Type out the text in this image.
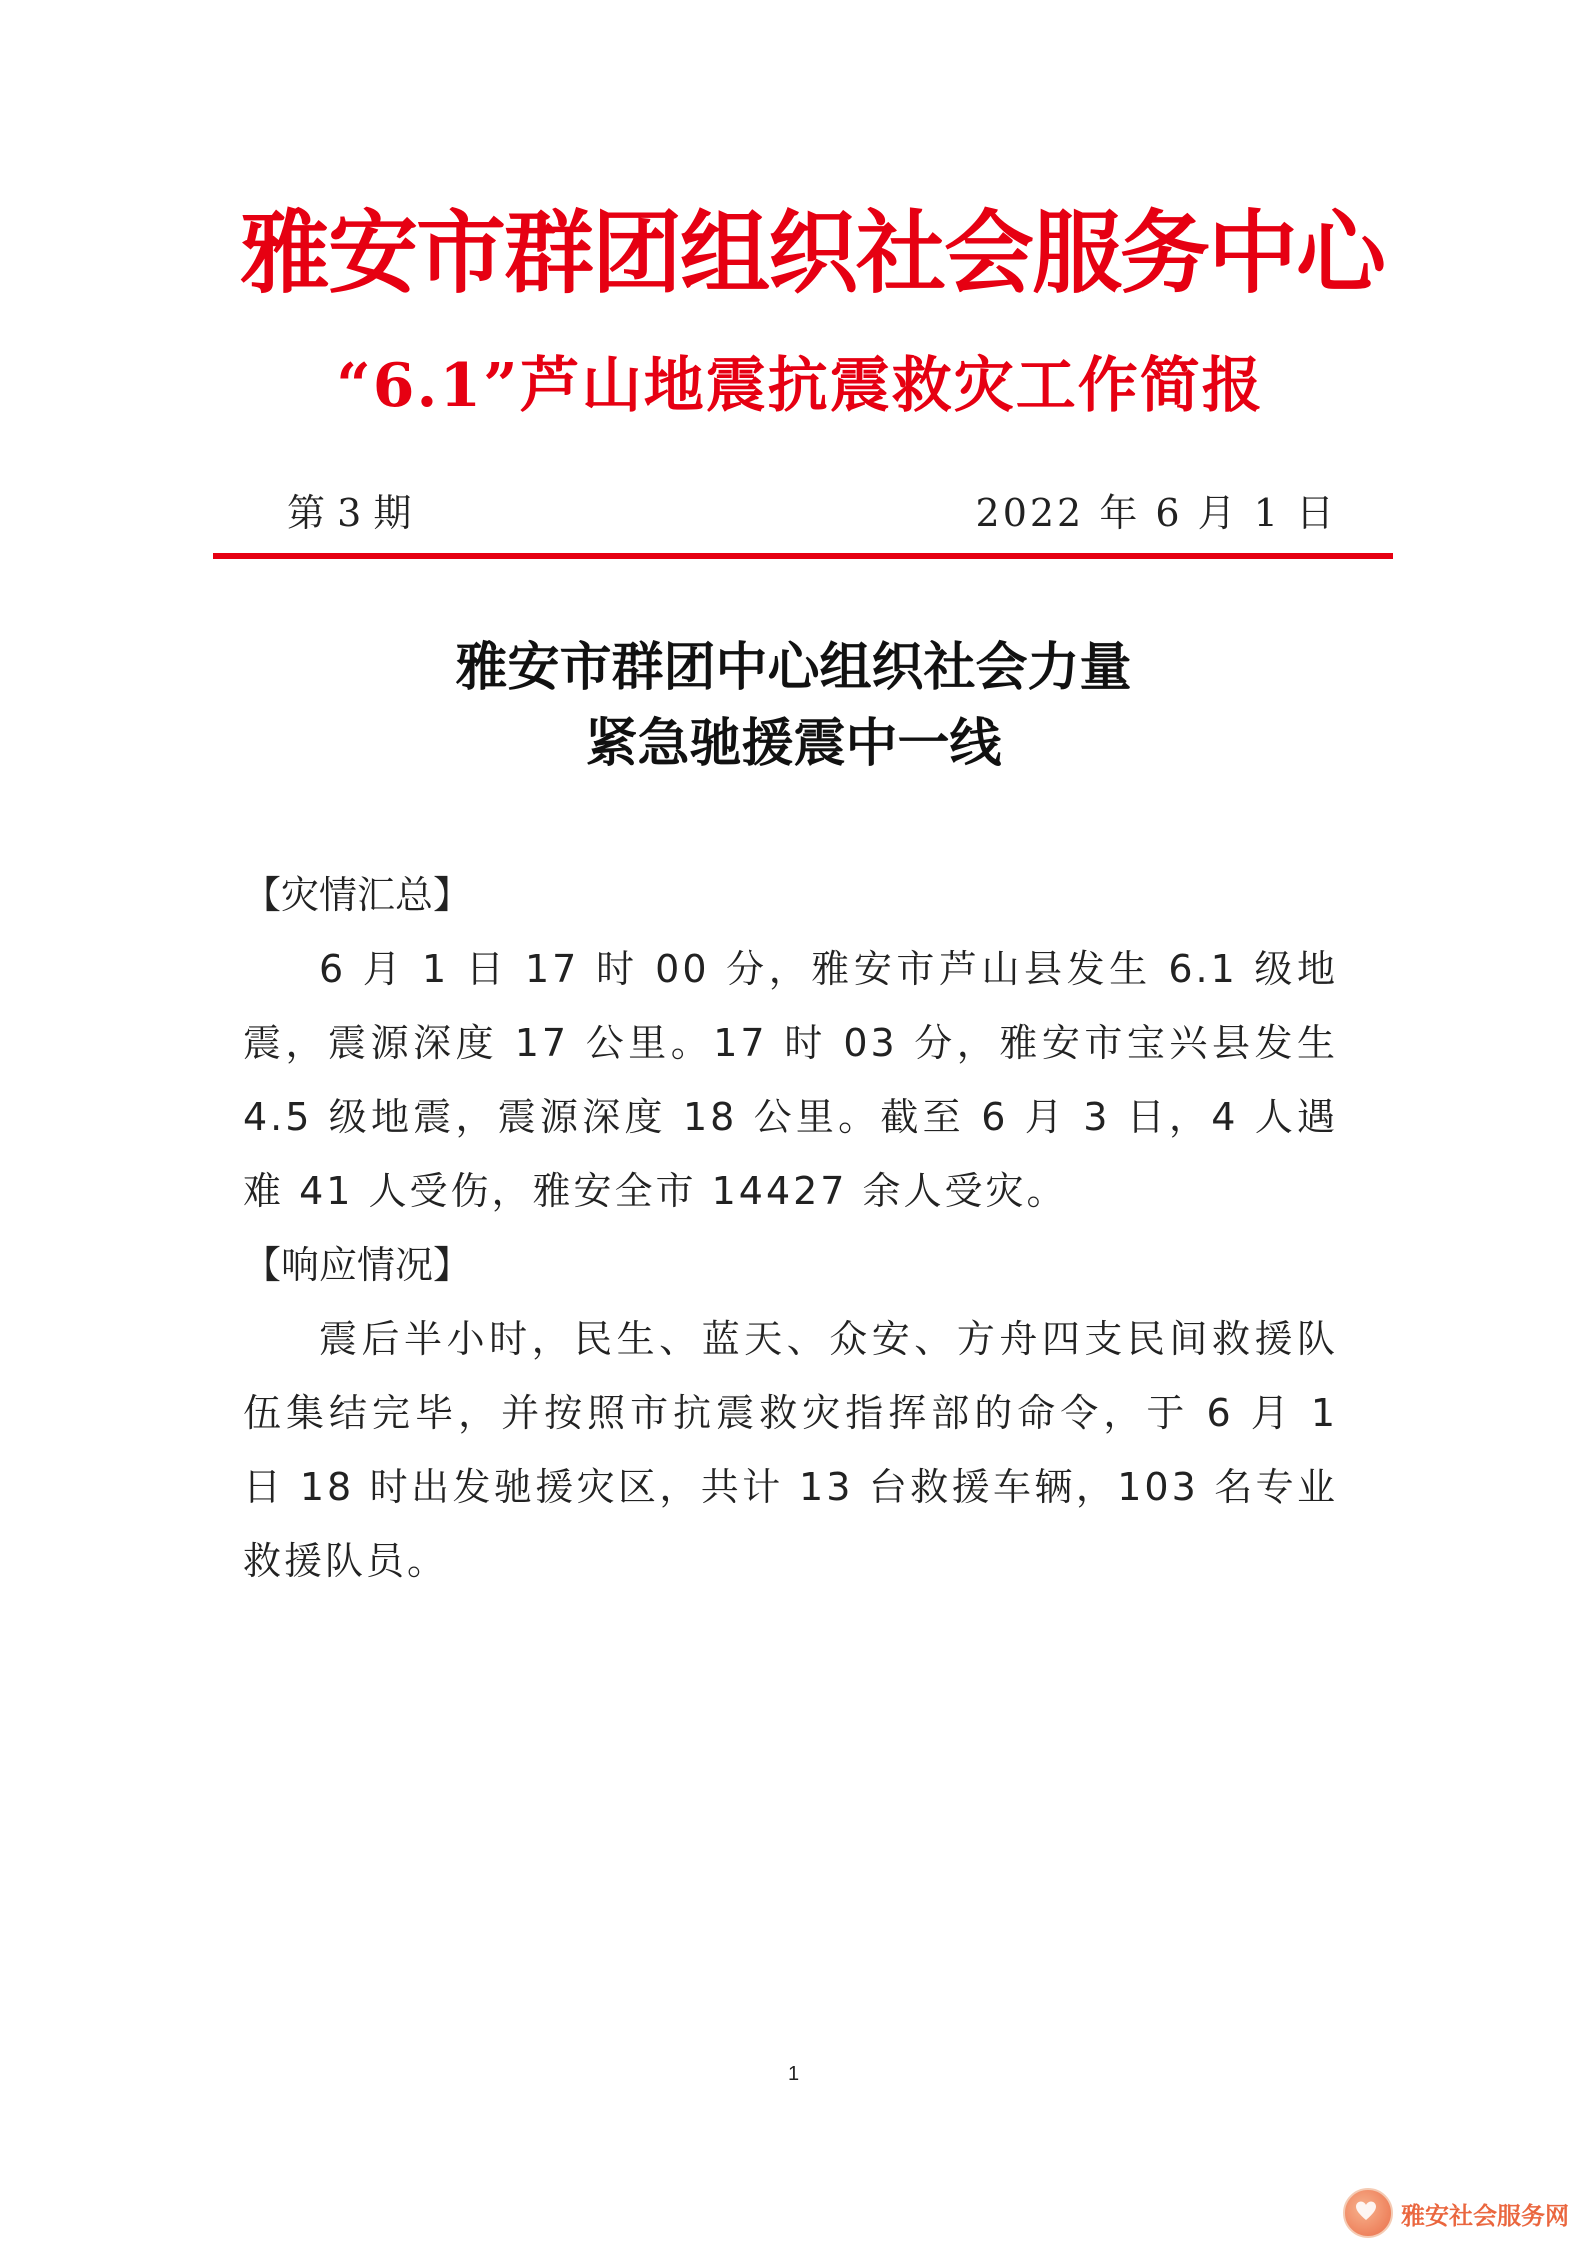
雅安市群团组织社会服务中心
“6.1”芦山地震抗震救灾工作简报
第 3 期	2022 年 6 月 1 日
雅安市群团中心组织社会力量
紧急驰援震中一线
【灾情汇总】

6 月 1 日 17 时 00 分，雅安市芦山县发生 6.1 级地震，震源深度 17 公里。17 时 03 分，雅安市宝兴县发生 4.5 级地震，震源深度 18 公里。截至 6 月 3 日，4 人遇难 41 人受伤，雅安全市 14427 余人受灾。

【响应情况】

震后半小时，民生、蓝天、众安、方舟四支民间救援队伍集结完毕，并按照市抗震救灾指挥部的命令，于 6 月 1 日 18 时出发驰援灾区，共计 13 台救援车辆，103 名专业救援队员。

1
雅安社会服务网
